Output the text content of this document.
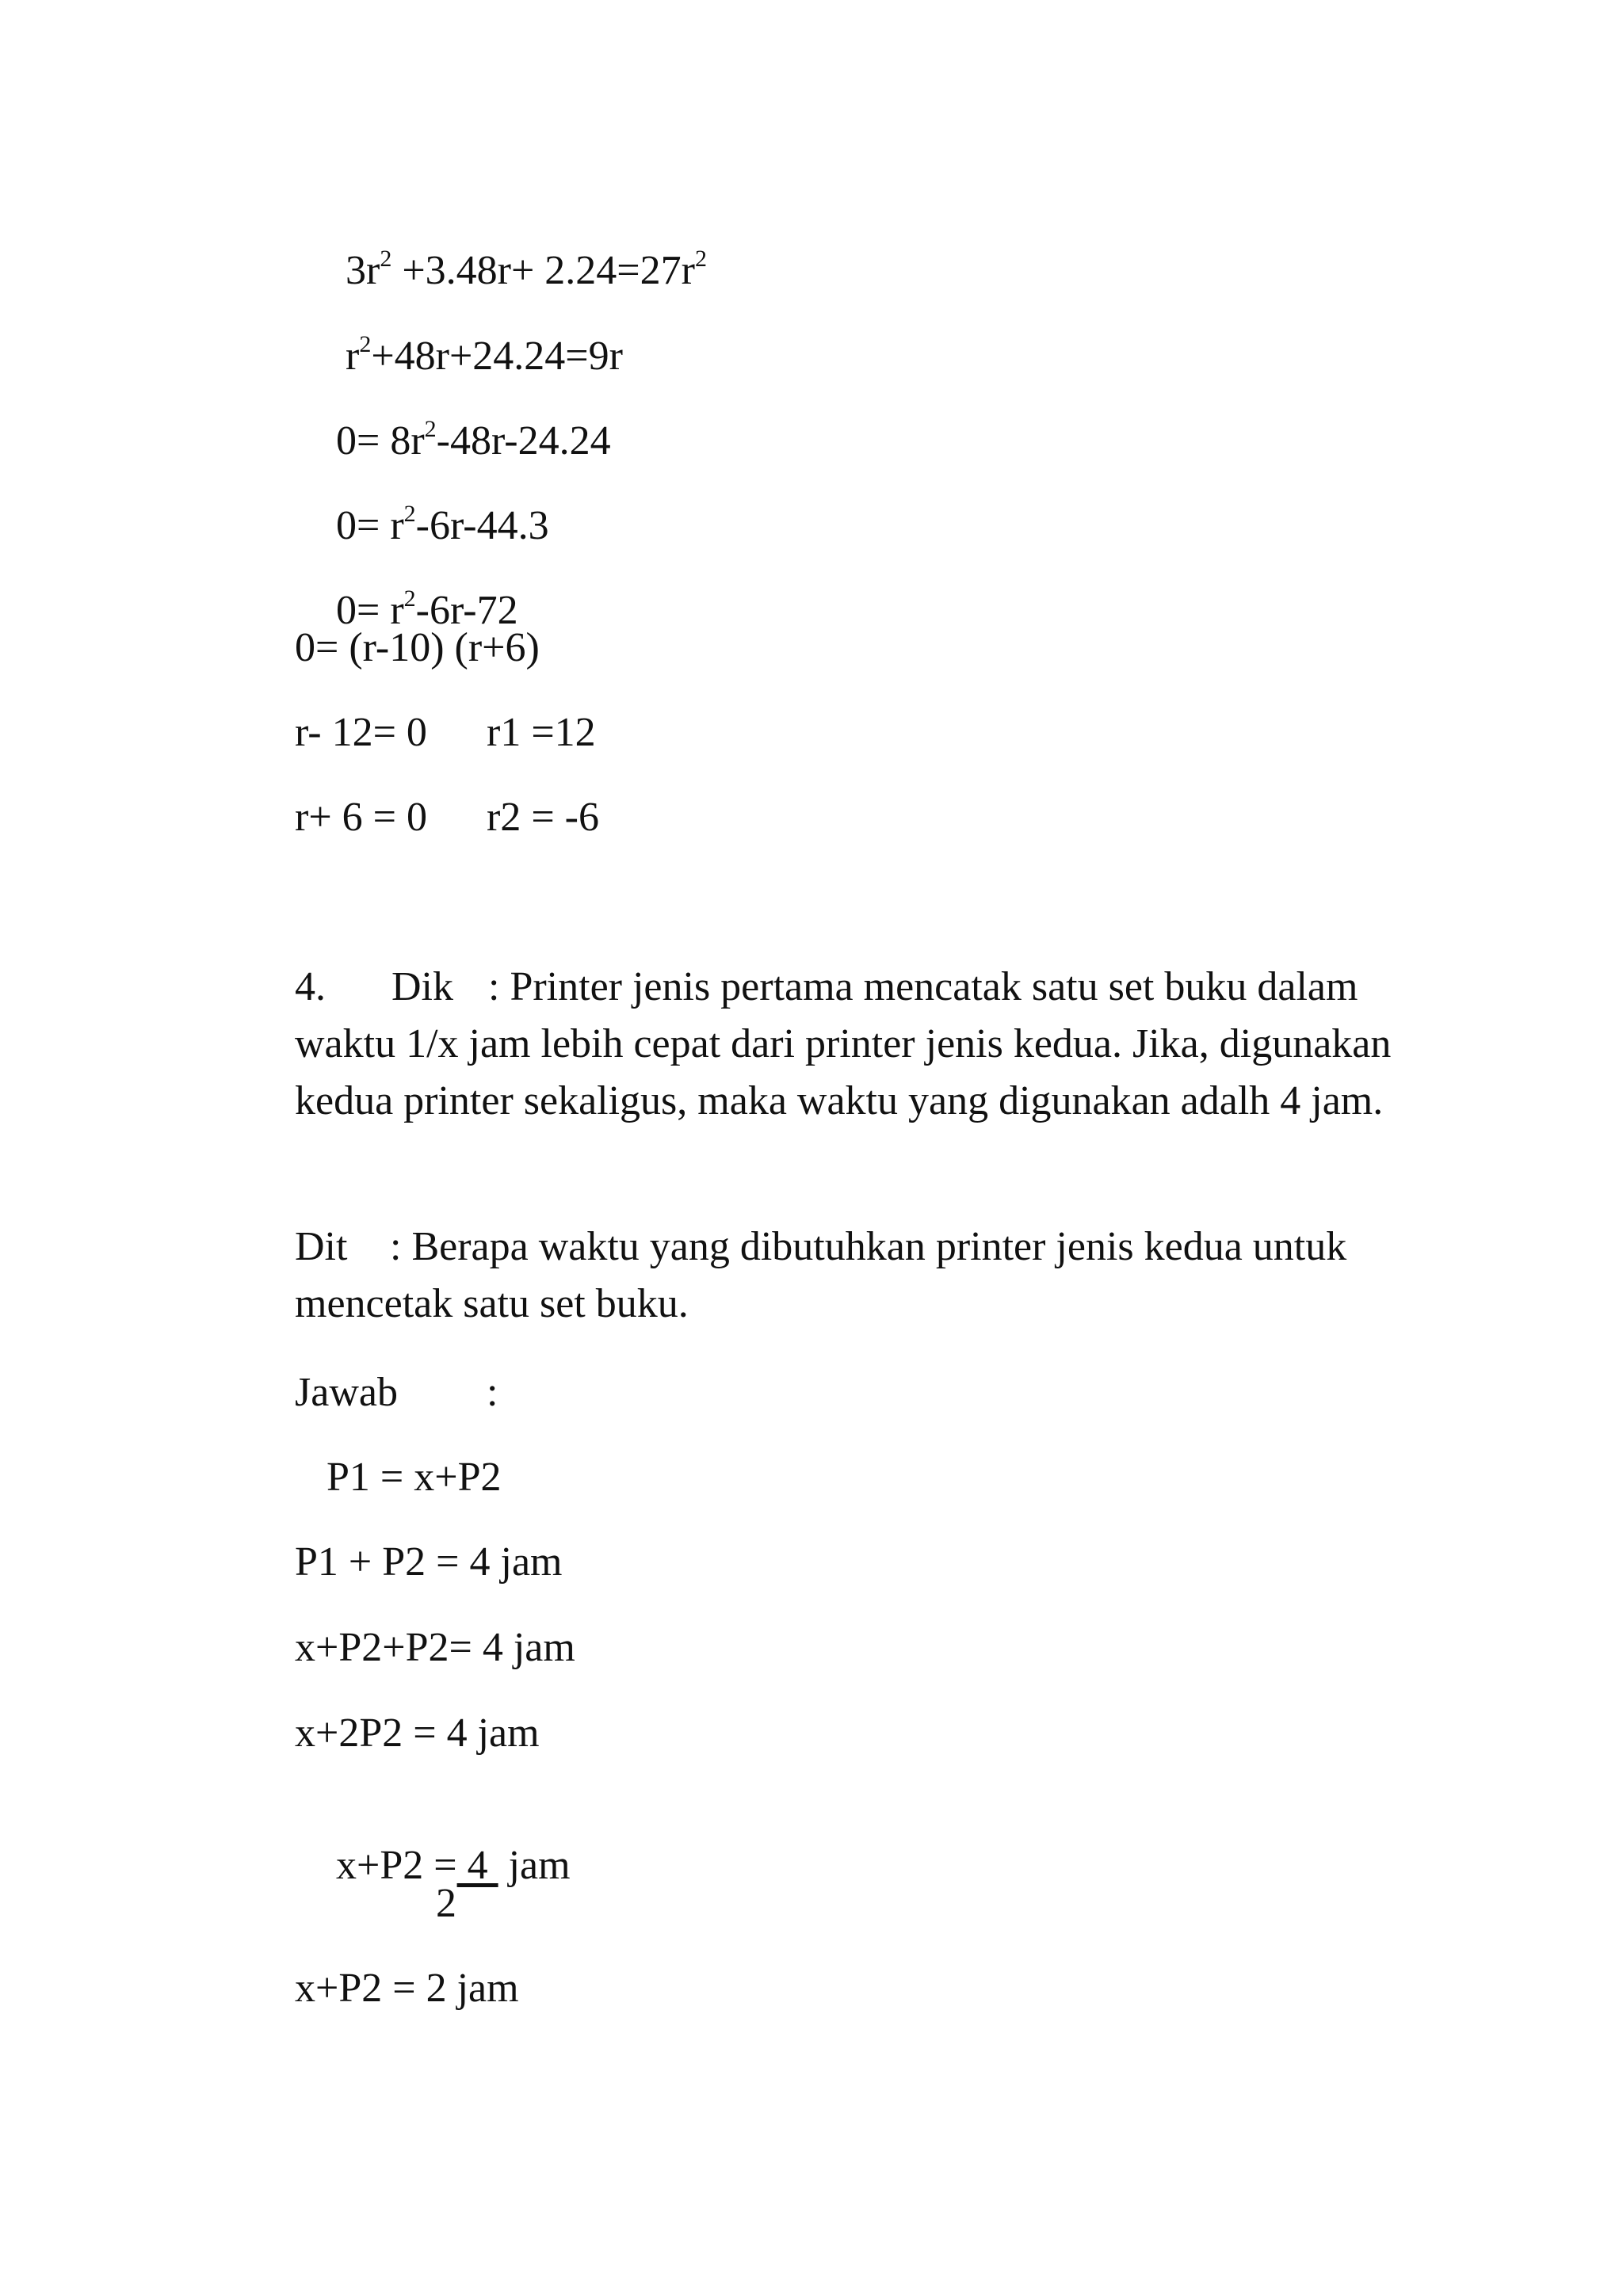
$3r^2 +3.48r+ 2.24=27r^2$

$r^2+48r+24.24=9r$

$0= 8r^2-48r-24.24$

$0= r^2-6r-44.3$

$0= r^2-6r-72$

0= (r-10) (r+6)
r- 12= 0 r1 =12
r+ 6 = 0 r2 = -6
4. Dik : Printer jenis pertama mencatak satu set buku dalam waktu 1/x jam lebih cepat dari printer jenis kedua. Jika, digunakan kedua printer sekaligus, maka waktu yang digunakan adalh 4 jam.
Dit	: Berapa waktu yang dibutuhkan printer jenis kedua untuk mencetak satu set buku.
Jawab :
P1 = x+P2
P1 + P2 = 4 jam
x+P2+P2= 4 jam
x+2P2 = 4 jam

x+P2 = 4  jam

2
x+P2 = 2 jam
